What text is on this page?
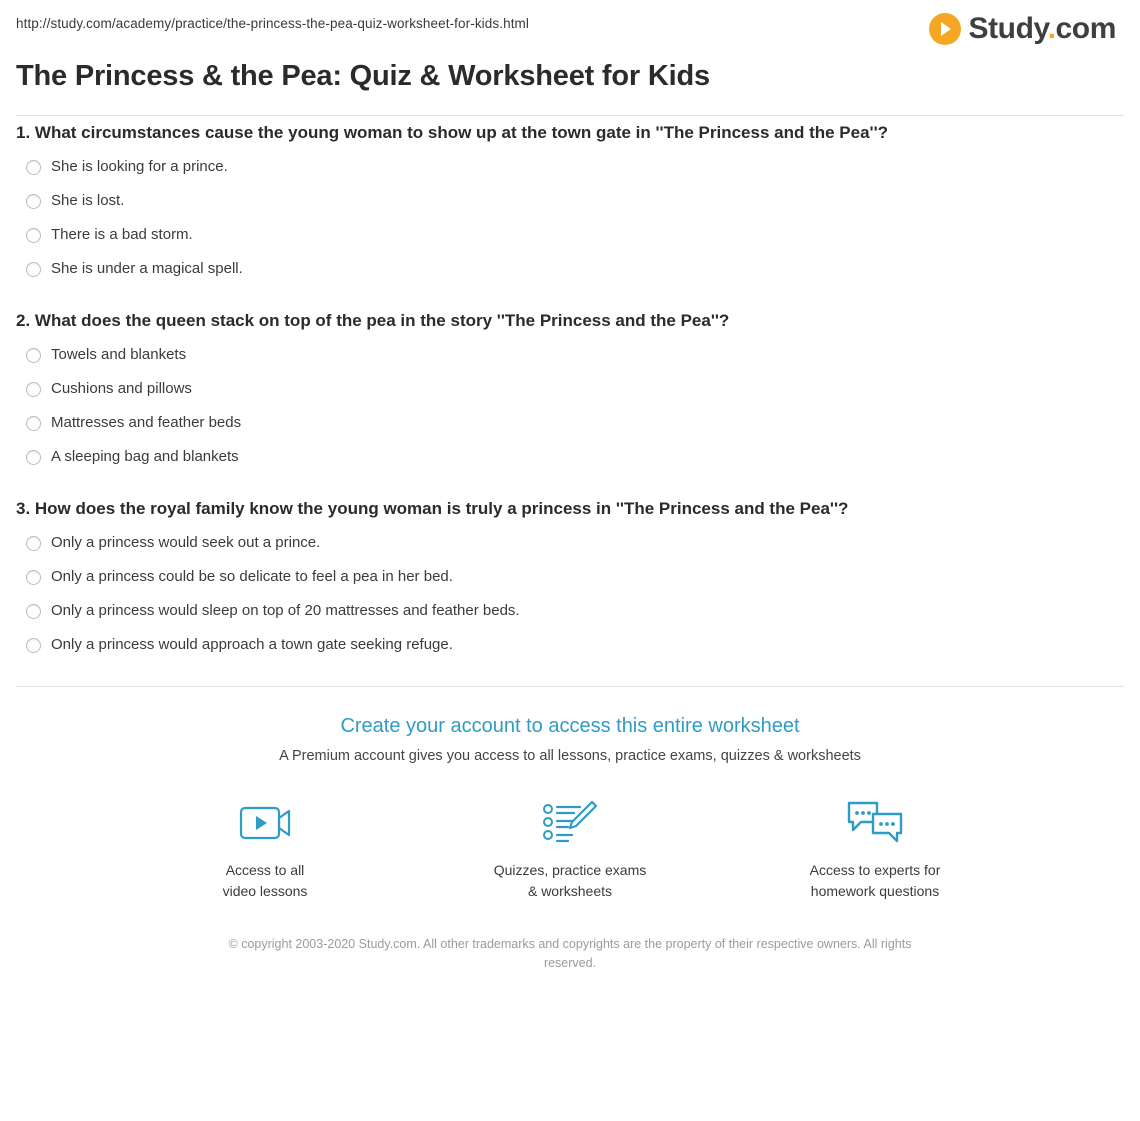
http://study.com/academy/practice/the-princess-the-pea-quiz-worksheet-for-kids.html	Study.com
The Princess & the Pea: Quiz & Worksheet for Kids

1. What circumstances cause the young woman to show up at the town gate in ''The Princess and the Pea''?

She is looking for a prince.
She is lost.
There is a bad storm.
She is under a magical spell.

2. What does the queen stack on top of the pea in the story ''The Princess and the Pea''?

Towels and blankets
Cushions and pillows
Mattresses and feather beds
A sleeping bag and blankets

3. How does the royal family know the young woman is truly a princess in ''The Princess and the Pea''?

Only a princess would seek out a prince.
Only a princess could be so delicate to feel a pea in her bed.
Only a princess would sleep on top of 20 mattresses and feather beds.
Only a princess would approach a town gate seeking refuge.
Create your account to access this entire worksheet
A Premium account gives you access to all lessons, practice exams, quizzes & worksheets
Access to all
video lessons
Quizzes, practice exams
& worksheets
Access to experts for
homework questions
© copyright 2003-2020 Study.com. All other trademarks and copyrights are the property of their respective owners. All rights reserved.
